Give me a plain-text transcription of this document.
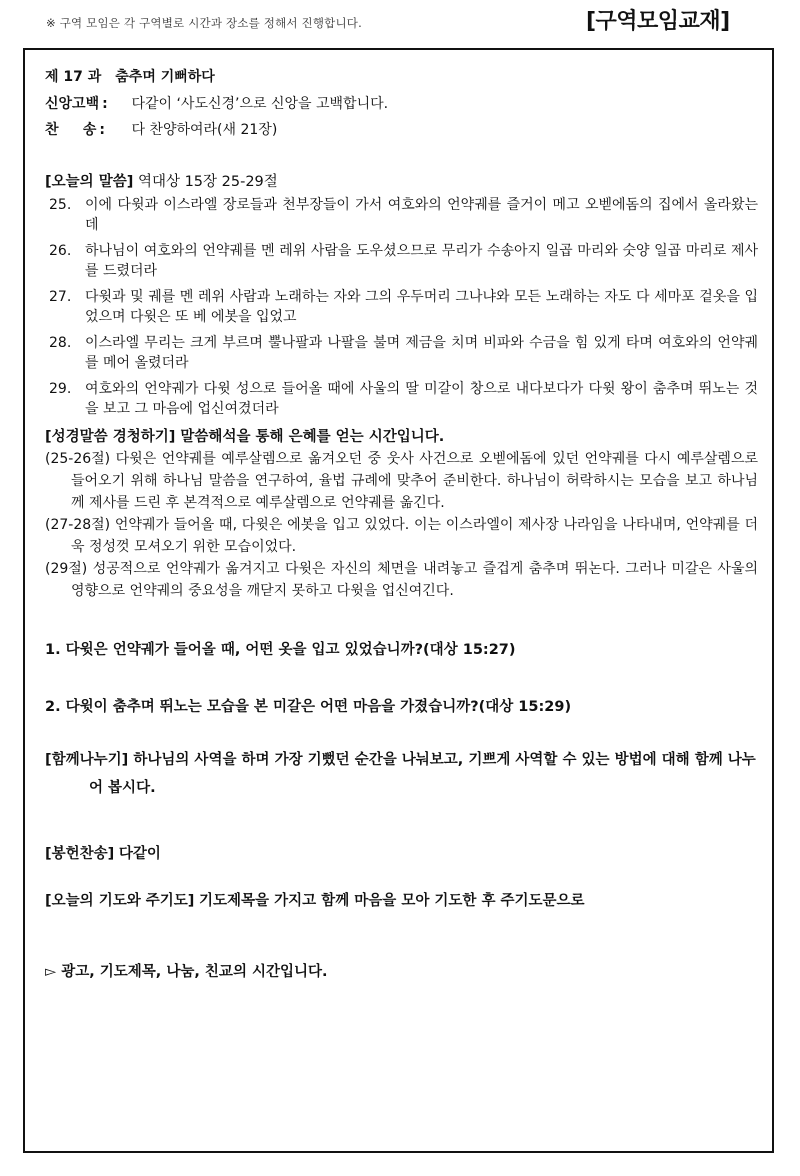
※ 구역 모임은 각 구역별로 시간과 장소를 정해서 진행합니다.	[구역모임교재]
제 17 과 춤추며 기뻐하다
신앙고백 : 다같이 ‘사도신경’으로 신앙을 고백합니다.
찬     송 : 다 찬양하여라(새 21장)
[오늘의 말씀] 역대상 15장 25-29절
25. 이에 다윗과 이스라엘 장로들과 천부장들이 가서 여호와의 언약궤를 즐거이 메고 오벧에돔의 집에서 올라왔는데
26. 하나님이 여호와의 언약궤를 멘 레위 사람을 도우셨으므로 무리가 수송아지 일곱 마리와 숫양 일곱 마리로 제사를 드렸더라
27. 다윗과 및 궤를 멘 레위 사람과 노래하는 자와 그의 우두머리 그나냐와 모든 노래하는 자도 다 세마포 겉옷을 입었으며 다윗은 또 베 에봇을 입었고
28. 이스라엘 무리는 크게 부르며 뿔나팔과 나팔을 불며 제금을 치며 비파와 수금을 힘 있게 타며 여호와의 언약궤를 메어 올렸더라
29. 여호와의 언약궤가 다윗 성으로 들어올 때에 사울의 딸 미갈이 창으로 내다보다가 다윗 왕이 춤추며 뛰노는 것을 보고 그 마음에 업신여겼더라
[성경말씀 경청하기] 말씀해석을 통해 은혜를 얻는 시간입니다.

(25-26절) 다윗은 언약궤를 예루살렘으로 옮겨오던 중 웃사 사건으로 오벧에돔에 있던 언약궤를 다시 예루살렘으로 들어오기 위해 하나님 말씀을 연구하여, 율법 규례에 맞추어 준비한다. 하나님이 허락하시는 모습을 보고 하나님께 제사를 드린 후 본격적으로 예루살렘으로 언약궤를 옮긴다.

(27-28절) 언약궤가 들어올 때, 다윗은 에봇을 입고 있었다. 이는 이스라엘이 제사장 나라임을 나타내며, 언약궤를 더욱 정성껏 모셔오기 위한 모습이었다.

(29절) 성공적으로 언약궤가 옮겨지고 다윗은 자신의 체면을 내려놓고 즐겁게 춤추며 뛰논다. 그러나 미갈은 사울의 영향으로 언약궤의 중요성을 깨닫지 못하고 다윗을 업신여긴다.

1. 다윗은 언약궤가 들어올 때, 어떤 옷을 입고 있었습니까?(대상 15:27)
2. 다윗이 춤추며 뛰노는 모습을 본 미갈은 어떤 마음을 가졌습니까?(대상 15:29)
[함께나누기] 하나님의 사역을 하며 가장 기뻤던 순간을 나눠보고, 기쁘게 사역할 수 있는 방법에 대해 함께 나누어 봅시다.
[봉헌찬송] 다같이
[오늘의 기도와 주기도] 기도제목을 가지고 함께 마음을 모아 기도한 후 주기도문으로
▻ 광고, 기도제목, 나눔, 친교의 시간입니다.
